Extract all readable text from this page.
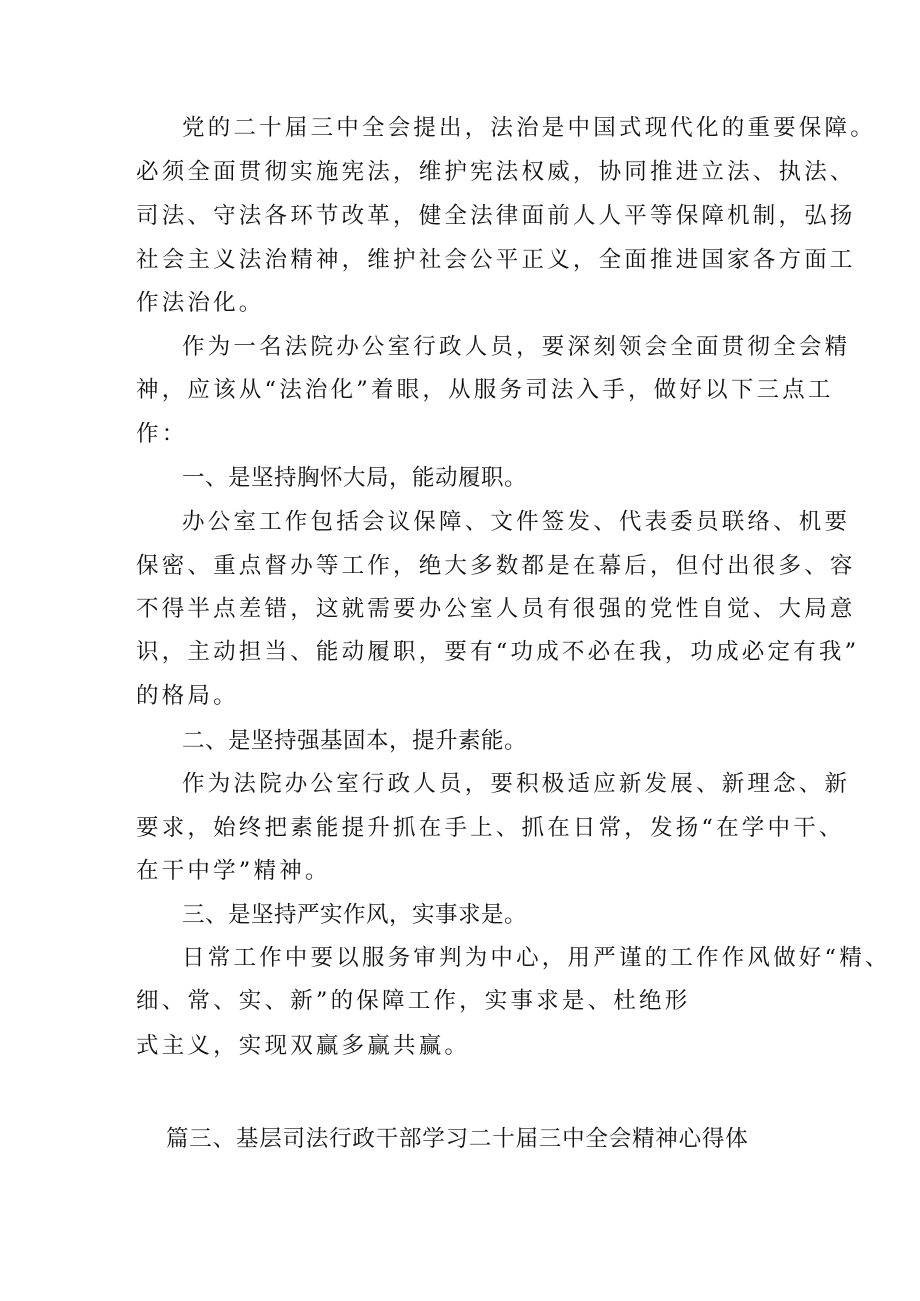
党的二十届三中全会提出，法治是中国式现代化的重要保障。
必须全面贯彻实施宪法，维护宪法权威，协同推进立法、执法、
司法、守法各环节改革，健全法律面前人人平等保障机制，弘扬
社会主义法治精神，维护社会公平正义，全面推进国家各方面工
作法治化。
作为一名法院办公室行政人员，要深刻领会全面贯彻全会精
神，应该从“法治化”着眼，从服务司法入手，做好以下三点工
作：
一、是坚持胸怀大局，能动履职。
办公室工作包括会议保障、文件签发、代表委员联络、机要
保密、重点督办等工作，绝大多数都是在幕后，但付出很多、容
不得半点差错，这就需要办公室人员有很强的党性自觉、大局意
识，主动担当、能动履职，要有“功成不必在我，功成必定有我”
的格局。
二、是坚持强基固本，提升素能。
作为法院办公室行政人员，要积极适应新发展、新理念、新
要求，始终把素能提升抓在手上、抓在日常，发扬“在学中干、
在干中学”精神。
三、是坚持严实作风，实事求是。
日常工作中要以服务审判为中心，用严谨的工作作风做好“精、
细、常、实、新”的保障工作，实事求是、杜绝形
式主义，实现双赢多赢共赢。
篇三、基层司法行政干部学习二十届三中全会精神心得体
